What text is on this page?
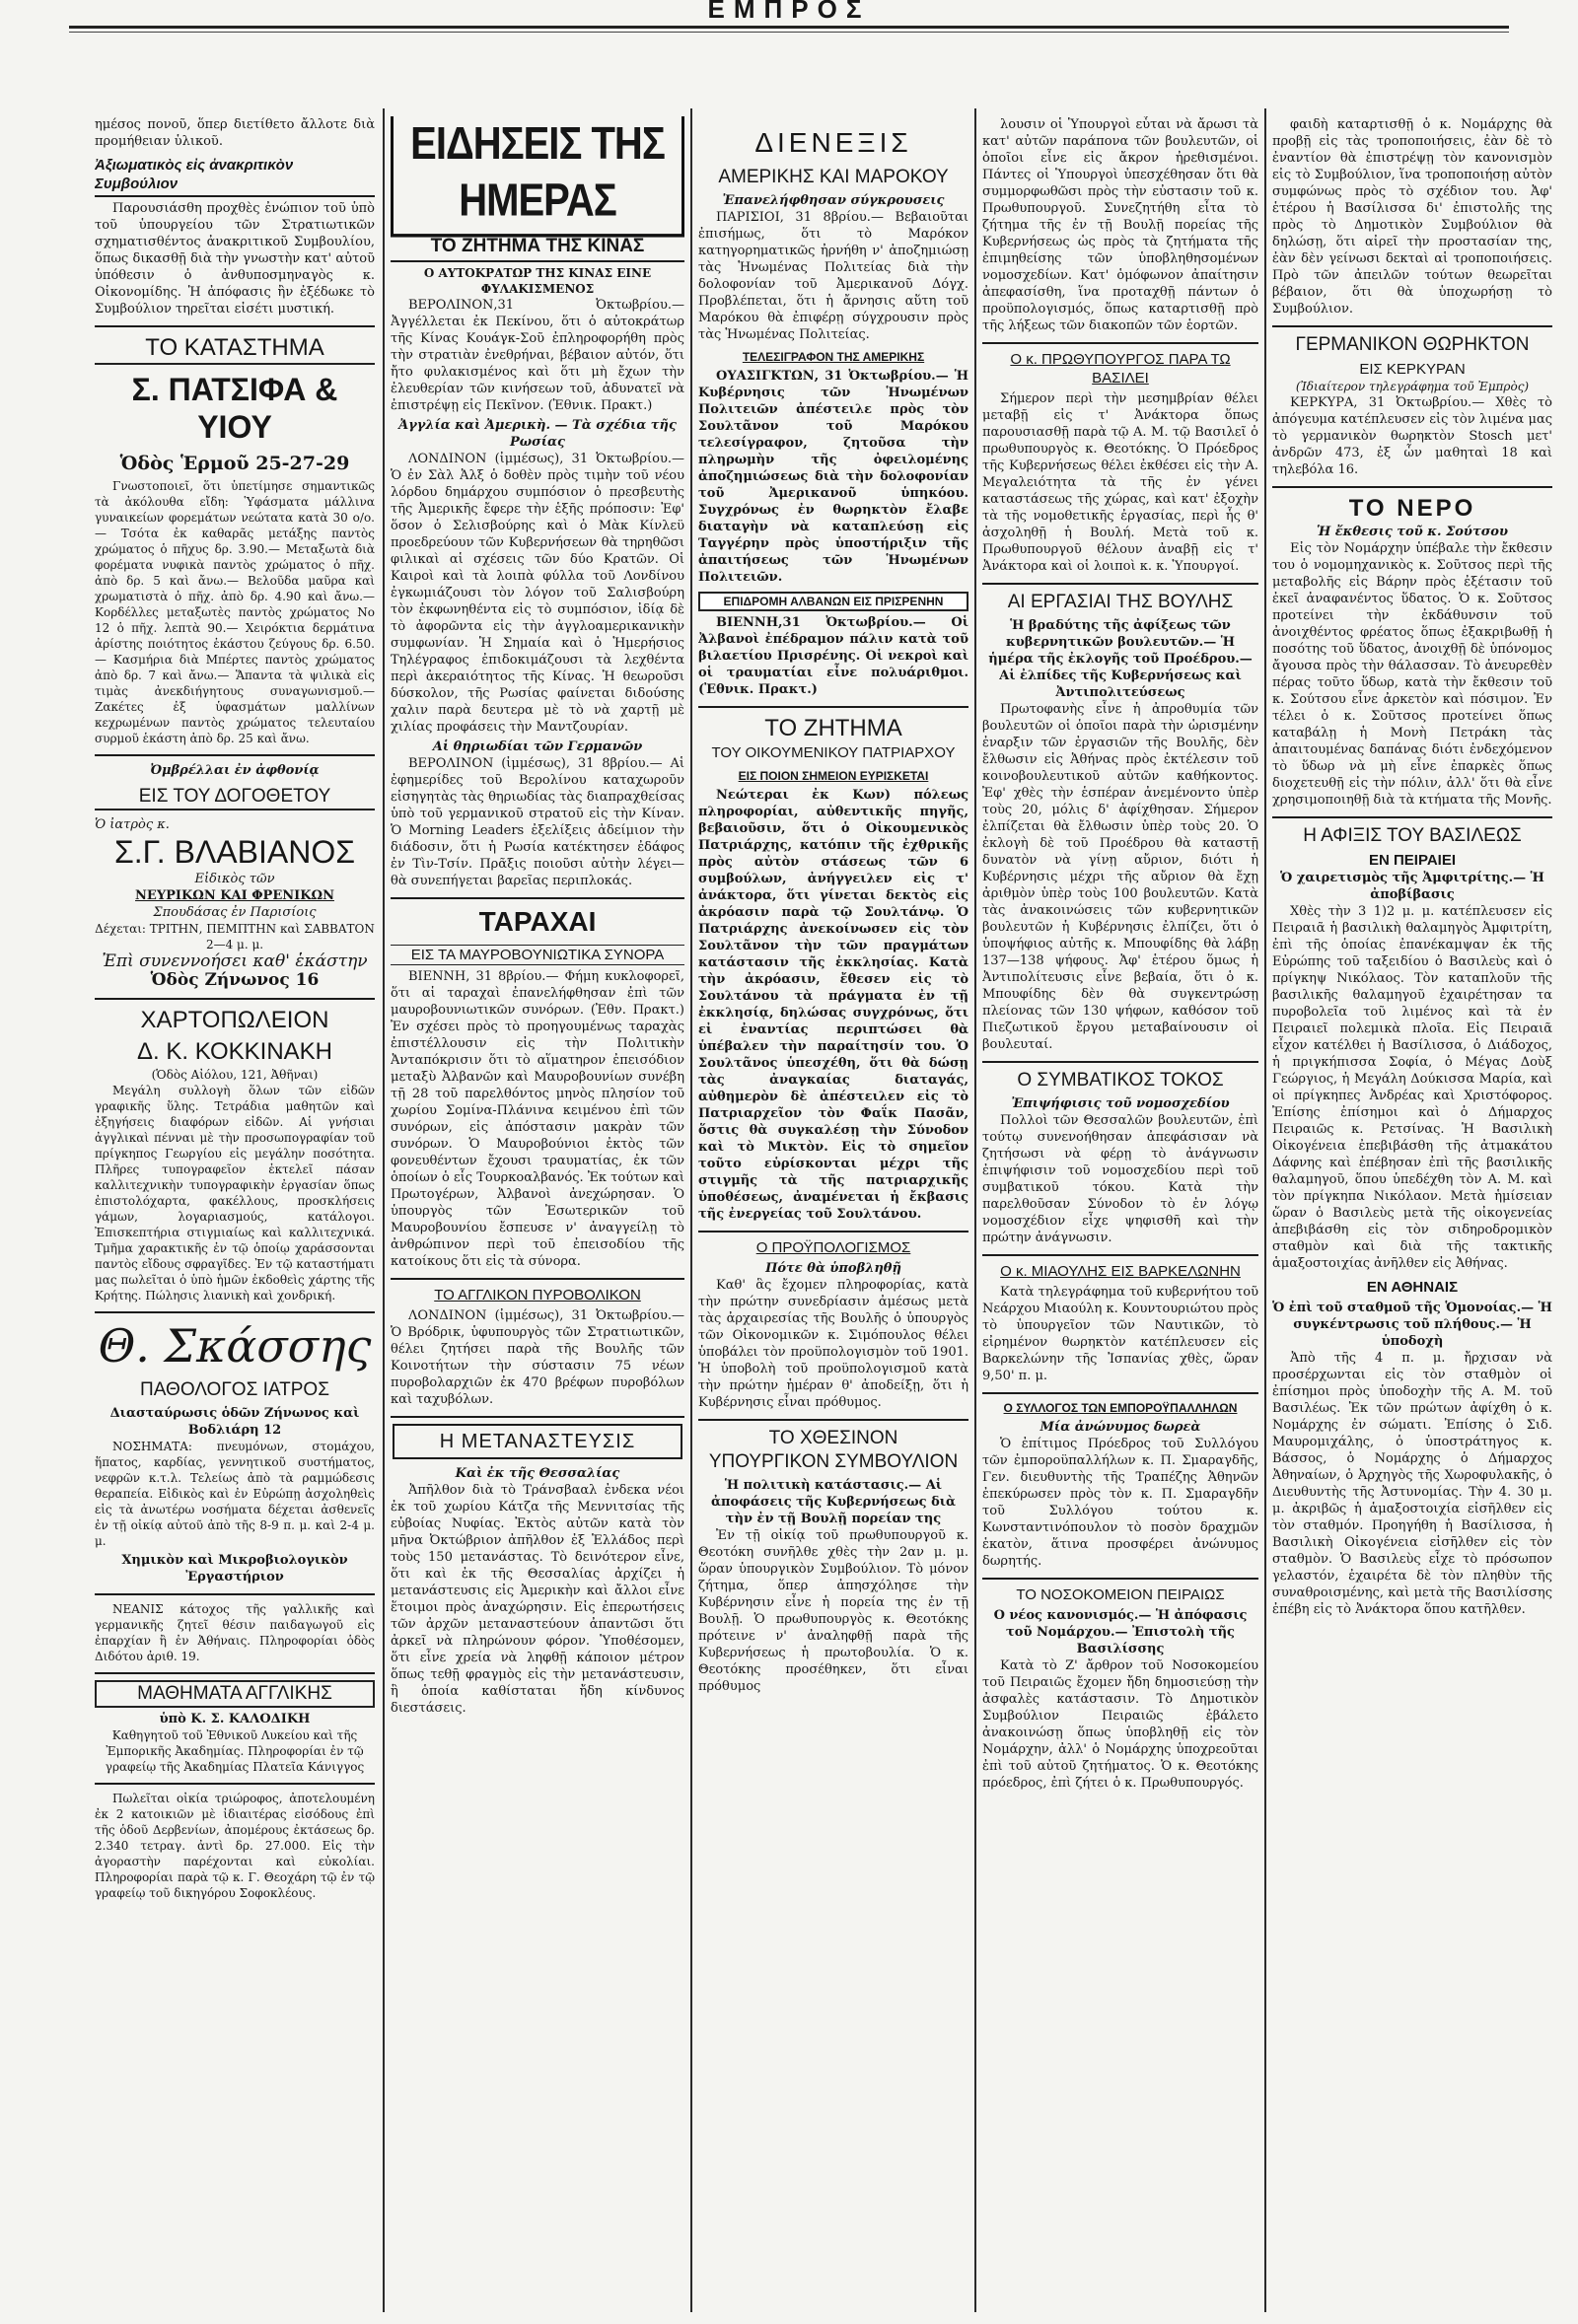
ΕΜΠΡΟΣ

ημέσος πονοῦ, ὅπερ διετίθετο ἄλλοτε διὰ προμήθειαν ὑλικοῦ.

Ἀξιωματικὸς εἰς ἀνακριτικὸν Συμβούλιον

Παρουσιάσθη προχθὲς ἐνώπιον τοῦ ὑπὸ τοῦ ὑπουργείου τῶν Στρατιωτικῶν σχηματισθέντος ἀνακριτικοῦ Συμβουλίου, ὅπως δικασθῇ διὰ τὴν γνωστὴν κατ' αὐτοῦ ὑπόθεσιν ὁ ἀνθυποσμηναγὸς κ. Οἰκονομίδης. Ἡ ἀπόφασις ἢν ἐξέδωκε τὸ Συμβούλιον τηρεῖται εἰσέτι μυστική.

ΤΟ ΚΑΤΑΣΤΗΜΑ
Σ. ΠΑΤΣΙΦΑ & ΥΙΟΥ
Ὁδὸς Ἑρμοῦ 25-27-29

Γνωστοποιεῖ, ὅτι ὑπετίμησε σημαντικῶς τὰ ἀκόλουθα εἴδη: Ὑφάσματα μάλλινα γυναικείων φορεμάτων νεώτατα κατὰ 30 ο/ο.— Τσότα ἐκ καθαρᾶς μετάξης παντὸς χρώματος ὁ πῆχυς δρ. 3.90.— Μεταξωτὰ διὰ φορέματα νυφικὰ παντὸς χρώματος ὁ πῆχ. ἀπὸ δρ. 5 καὶ ἄνω.— Βελοῦδα μαῦρα καὶ χρωματιστὰ ὁ πῆχ. ἀπὸ δρ. 4.90 καὶ ἄνω.— Κορδέλλες μεταξωτὲς παντὸς χρώματος No 12 ὁ πῆχ. λεπτὰ 90.— Χειρόκτια δερμάτινα ἀρίστης ποιότητος ἑκάστου ζεύγους δρ. 6.50.— Κασμήρια διὰ Μπέρτες παντὸς χρώματος ἀπὸ δρ. 7 καὶ ἄνω.— Ἅπαντα τὰ ψιλικὰ εἰς τιμὰς ἀνεκδιήγητους συναγωνισμοῦ.— Ζακέτες ἐξ ὑφασμάτων μαλλίνων κεχρωμένων παντὸς χρώματος τελευταίου συρμοῦ ἑκάστη ἀπὸ δρ. 25 καὶ ἄνω.

Ὀμβρέλλαι ἐν ἀφθονίᾳ
ΕΙΣ ΤΟΥ ΔΟΓΟΘΕΤΟΥ
Ὁ ἰατρὸς κ.
Σ.Γ. ΒΛΑΒΙΑΝΟΣ
Εἰδικὸς τῶν
ΝΕΥΡΙΚΩΝ ΚΑΙ ΦΡΕΝΙΚΩΝ
Σπουδάσας ἐν Παρισίοις
Δέχεται: ΤΡΙΤΗΝ, ΠΕΜΠΤΗΝ καὶ ΣΑΒΒΑΤΟΝ 2—4 μ. μ.
Ἐπὶ συνεννοήσει καθ' ἑκάστην
Ὁδὸς Ζήνωνος 16
ΧΑΡΤΟΠΩΛΕΙΟΝ
Δ. Κ. ΚΟΚΚΙΝΑΚΗ
(Ὁδὸς Αἰόλου, 121, Ἀθῆναι)

Μεγάλη συλλογὴ ὅλων τῶν εἰδῶν γραφικῆς ὕλης. Τετράδια μαθητῶν καὶ ἐξηγήσεις διαφόρων εἰδῶν. Αἱ γνήσιαι ἀγγλικαὶ πένναι μὲ τὴν προσωπογραφίαν τοῦ πρίγκηπος Γεωργίου εἰς μεγάλην ποσότητα. Πλῆρες τυπογραφεῖον ἐκτελεῖ πάσαν καλλιτεχνικὴν τυπογραφικὴν ἐργασίαν ὅπως ἐπιστολόχαρτα, φακέλλους, προσκλήσεις γάμων, λογαριασμούς, κατάλογοι. Ἐπισκεπτήρια στιγμιαίως καὶ καλλιτεχνικά. Τμῆμα χαρακτικῆς ἐν τῷ ὁποίῳ χαράσσονται παντὸς εἴδους σφραγῖδες. Ἐν τῷ καταστήματι μας πωλεῖται ὁ ὑπὸ ἡμῶν ἐκδοθεὶς χάρτης τῆς Κρήτης. Πώλησις λιανικὴ καὶ χονδρική.

Θ. Σκάσσης
ΠΑΘΟΛΟΓΟΣ ΙΑΤΡΟΣ
Διασταύρωσις ὁδῶν Ζήνωνος καὶ Βοδλιάρη 12

ΝΟΣΗΜΑΤΑ: πνευμόνων, στομάχου, ἥπατος, καρδίας, γεννητικοῦ συστήματος, νεφρῶν κ.τ.λ. Τελείως ἀπὸ τὰ ραμμώδεσις θεραπεία. Εἰδικὸς καὶ ἐν Εὐρώπῃ ἀσχοληθεὶς εἰς τὰ ἀνωτέρω νοσήματα δέχεται ἀσθενεῖς ἐν τῇ οἰκίᾳ αὐτοῦ ἀπὸ τῆς 8-9 π. μ. καὶ 2-4 μ. μ.

Χημικὸν καὶ Μικροβιολογικὸν Ἐργαστήριον

ΝΕΑΝΙΣ κάτοχος τῆς γαλλικῆς καὶ γερμανικῆς ζητεῖ θέσιν παιδαγωγοῦ εἰς ἐπαρχίαν ἢ ἐν Ἀθήναις. Πληροφορίαι ὁδὸς Διδότου ἀριθ. 19.

ΜΑΘΗΜΑΤΑ ΑΓΓΛΙΚΗΣ
ὑπὸ Κ. Σ. ΚΑΛΟΔΙΚΗ

Καθηγητοῦ τοῦ Ἐθνικοῦ Λυκείου καὶ τῆς Ἐμπορικῆς Ἀκαδημίας. Πληροφορίαι ἐν τῷ γραφείῳ τῆς Ἀκαδημίας Πλατεῖα Κάνιγγος

Πωλεῖται οἰκία τριώροφος, ἀποτελουμένη ἐκ 2 κατοικιῶν μὲ ἰδιαιτέρας εἰσόδους ἐπὶ τῆς ὁδοῦ Δερβενίων, ἀπομέρους ἐκτάσεως δρ. 2.340 τετραγ. ἀντὶ δρ. 27.000. Εἰς τὴν ἀγοραστὴν παρέχονται καὶ εὐκολίαι. Πληροφορίαι παρὰ τῷ κ. Γ. Θεοχάρη τῷ ἐν τῷ γραφείῳ τοῦ δικηγόρου Σοφοκλέους.

ΕΙΔΗΣΕΙΣ ΤΗΣ ΗΜΕΡΑΣ
ΤΟ ΖΗΤΗΜΑ ΤΗΣ ΚΙΝΑΣ
Ο ΑΥΤΟΚΡΑΤΩΡ ΤΗΣ ΚΙΝΑΣ ΕΙΝΕ ΦΥΛΑΚΙΣΜΕΝΟΣ

ΒΕΡΟΛΙΝΟΝ,31 Ὀκτωβρίου.— Ἀγγέλλεται ἐκ Πεκίνου, ὅτι ὁ αὐτοκράτωρ τῆς Κίνας Κουάγκ-Σοῦ ἐπληροφορήθη πρὸς τὴν στρατιὰν ἐνεθρήναι, βέβαιον αὐτόν, ὅτι ἤτο φυλακισμένος καὶ ὅτι μὴ ἔχων τὴν ἐλευθερίαν τῶν κινήσεων τοῦ, ἀδυνατεῖ νὰ ἐπιστρέψῃ εἰς Πεκῖνον. (Ἐθνικ. Πρακτ.)

Ἀγγλία καὶ Ἀμερικὴ. — Τὰ σχέδια τῆς Ρωσίας

ΛΟΝΔΙΝΟΝ (ἰμμέσως), 31 Ὀκτωβρίου.— Ὁ ἐν Σὰλ Ἀλξ ὁ δοθὲν πρὸς τιμὴν τοῦ νέου λόρδου δημάρχου συμπόσιον ὁ πρεσβευτὴς τῆς Ἀμερικῆς ἔφερε τὴν ἑξῆς πρόποσιν: Ἐφ' ὅσον ὁ Σελισβούρης καὶ ὁ Μὰκ Κίνλεϋ προεδρεύουν τῶν Κυβερνήσεων θὰ τηρηθῶσι φιλικαὶ αἱ σχέσεις τῶν δύο Κρατῶν. Οἱ Καιροὶ καὶ τὰ λοιπὰ φύλλα τοῦ Λονδίνου ἐγκωμιάζουσι τὸν λόγον τοῦ Σαλισβούρη τὸν ἐκφωνηθέντα εἰς τὸ συμπόσιον, ἰδίᾳ δὲ τὸ ἀφορῶντα εἰς τὴν ἀγγλοαμερικανικὴν συμφωνίαν. Ἡ Σημαία καὶ ὁ Ἡμερήσιος Τηλέγραφος ἐπιδοκιμάζουσι τὰ λεχθέντα περὶ ἀκεραιότητος τῆς Κίνας. Ἡ θεωροῦσι δύσκολον, τῆς Ρωσίας φαίνεται διδούσης χαλιν παρὰ δευτερα μὲ τὸ νὰ χαρτῇ μὲ χιλίας προφάσεις τὴν Μαντζουρίαν.

Αἱ θηριωδίαι τῶν Γερμανῶν

ΒΕΡΟΛΙΝΟΝ (ἰμμέσως), 31 8βρίου.— Αἱ ἐφημερίδες τοῦ Βερολίνου καταχωροῦν εἰσηγητὰς τὰς θηριωδίας τὰς διαπραχθείσας ὑπὸ τοῦ γερμανικοῦ στρατοῦ εἰς τὴν Κίναν. Ὁ Morning Leaders ἐξελίξεις ἀδείμιον τὴν διάδοσιν, ὅτι ἡ Ρωσία κατέκτησεν ἐδάφος ἐν Τὶν-Τσίν. Πρᾶξις ποιοῦσι αὐτὴν λέγει—θὰ συνεπήγεται βαρεῖας περιπλοκάς.

ΤΑΡΑΧΑΙ
ΕΙΣ ΤΑ ΜΑΥΡΟΒΟΥΝΙΩΤΙΚΑ ΣΥΝΟΡΑ

ΒΙΕΝΝΗ, 31 8βρίου.— Φήμη κυκλοφορεῖ, ὅτι αἱ ταραχαὶ ἐπανελήφθησαν ἐπὶ τῶν μαυροβουνιωτικῶν συνόρων. (Ἐθν. Πρακτ.) Ἐν σχέσει πρὸς τὸ προηγουμένως ταραχὰς ἐπιστέλλουσιν εἰς τὴν Πολιτικὴν Ἀνταπόκρισιν ὅτι τὸ αἵματηρον ἐπεισόδιον μεταξὺ Ἀλβανῶν καὶ Μαυροβουνίων συνέβη τῇ 28 τοῦ παρελθόντος μηνὸς πλησίον τοῦ χωρίου Σομίνα-Πλάνινα κειμένου ἐπὶ τῶν συνόρων, εἰς ἀπόστασιν μακρὰν τῶν συνόρων. Ὁ Μαυροβούνιοι ἐκτὸς τῶν φονευθέντων ἔχουσι τραυματίας, ἐκ τῶν ὁποίων ὁ εἷς Τουρκοαλβανός. Ἐκ τούτων καὶ Πρωτογέρων, Ἀλβανοὶ ἀνεχώρησαν. Ὁ ὑπουργὸς τῶν Ἐσωτερικῶν τοῦ Μαυροβουνίου ἔσπευσε ν' ἀναγγείλῃ τὸ ἀνθρώπινον περὶ τοῦ ἐπεισοδίου τῆς κατοίκους ὅτι εἰς τὰ σύνορα.

ΤΟ ΑΓΓΛΙΚΟΝ ΠΥΡΟΒΟΛΙΚΟΝ

ΛΟΝΔΙΝΟΝ (ἰμμέσως), 31 Ὀκτωβρίου.— Ὁ Βρόδρικ, ὑφυπουργὸς τῶν Στρατιωτικῶν, θέλει ζητήσει παρὰ τῆς Βουλῆς τῶν Κοινοτήτων τὴν σύστασιν 75 νέων πυροβολαρχιῶν ἐκ 470 βρέφων πυροβόλων καὶ ταχυβόλων.

Η ΜΕΤΑΝΑΣΤΕΥΣΙΣ
Καὶ ἐκ τῆς Θεσσαλίας

Ἀπῆλθον διὰ τὸ Τράνσβααλ ἐνδεκα νέοι ἐκ τοῦ χωρίου Κάτζα τῆς Μεννιτσίας τῆς εὐβοίας Νυφίας. Ἐκτὸς αὐτῶν κατὰ τὸν μῆνα Ὀκτώβριον ἀπῆλθον ἐξ Ἑλλάδος περὶ τοὺς 150 μετανάστας. Τὸ δεινότερον εἶνε, ὅτι καὶ ἐκ τῆς Θεσσαλίας ἀρχίζει ἡ μετανάστευσις εἰς Ἀμερικὴν καὶ ἄλλοι εἶνε ἕτοιμοι πρὸς ἀναχώρησιν. Εἰς ἐπερωτήσεις τῶν ἀρχῶν μεταναστεύουν ἀπαντῶσι ὅτι ἀρκεῖ νὰ πληρώνουν φόρον. Ὑποθέσομεν, ὅτι εἶνε χρεία νὰ ληφθῇ κάποιον μέτρον ὅπως τεθῇ φραγμὸς εἰς τὴν μετανάστευσιν, ἣ ὁποία καθίσταται ἤδη κίνδυνος διεστάσεις.

ΔΙΕΝΕΞΙΣ
ΑΜΕΡΙΚΗΣ ΚΑΙ ΜΑΡΟΚΟΥ
Ἐπανελήφθησαν σύγκρουσεις

ΠΑΡΙΣΙΟΙ, 31 8βρίου.— Βεβαιοῦται ἐπισήμως, ὅτι τὸ Μαρόκον κατηγορηματικῶς ἠρνήθη ν' ἀποζημιώσῃ τὰς Ἡνωμένας Πολιτείας διὰ τὴν δολοφονίαν τοῦ Ἀμερικανοῦ Δόγχ. Προβλέπεται, ὅτι ἡ ἄρνησις αὕτη τοῦ Μαρόκου θὰ ἐπιφέρῃ σύγχρουσιν πρὸς τὰς Ἡνωμένας Πολιτείας.

ΤΕΛΕΣΙΓΡΑΦΟΝ ΤΗΣ ΑΜΕΡΙΚΗΣ

ΟΥΑΣΙΓΚΤΩΝ, 31 Ὀκτωβρίου.— Ἡ Κυβέρνησις τῶν Ἡνωμένων Πολιτειῶν ἀπέστειλε πρὸς τὸν Σουλτᾶνον τοῦ Μαρόκου τελεσίγραφον, ζητοῦσα τὴν πληρωμὴν τῆς ὀφειλομένης ἀποζημιώσεως διὰ τὴν δολοφονίαν τοῦ Ἀμερικανοῦ ὑπηκόου. Συγχρόνως ἐν θωρηκτὸν ἔλαβε διαταγὴν νὰ καταπλεύσῃ εἰς Ταγγέρην πρὸς ὑποστήριξιν τῆς ἀπαιτήσεως τῶν Ἡνωμένων Πολιτειῶν.

ΕΠΙΔΡΟΜΗ ΑΛΒΑΝΩΝ ΕΙΣ ΠΡΙΣΡΕΝΗΝ

ΒΙΕΝΝΗ,31 Ὀκτωβρίου.— Οἱ Ἀλβανοὶ ἐπέδραμον πάλιν κατὰ τοῦ βιλαετίου Πρισρένης. Οἱ νεκροὶ καὶ οἱ τραυματίαι εἶνε πολυάριθμοι. (Ἐθνικ. Πρακτ.)

ΤΟ ΖΗΤΗΜΑ
ΤΟΥ ΟΙΚΟΥΜΕΝΙΚΟΥ ΠΑΤΡΙΑΡΧΟΥ
ΕΙΣ ΠΟΙΟΝ ΣΗΜΕΙΟΝ ΕΥΡΙΣΚΕΤΑΙ

Νεώτεραι ἐκ Κων) πόλεως πληροφορίαι, αὐθεντικῆς πηγῆς, βεβαιοῦσιν, ὅτι ὁ Οἰκουμενικὸς Πατριάρχης, κατόπιν τῆς ἐχθρικῆς πρὸς αὐτὸν στάσεως τῶν 6 συμβούλων, ἀνήγγειλεν εἰς τ' ἀνάκτορα, ὅτι γίνεται δεκτὸς εἰς ἀκρόασιν παρὰ τῷ Σουλτάνῳ. Ὁ Πατριάρχης ἀνεκοίνωσεν εἰς τὸν Σουλτᾶνον τὴν τῶν πραγμάτων κατάστασιν τῆς ἐκκλησίας. Κατὰ τὴν ἀκρόασιν, ἔθεσεν εἰς τὸ Σουλτάνου τὰ πράγματα ἐν τῇ ἐκκλησίᾳ, δηλώσας συγχρόνως, ὅτι εἰ ἐναντίας περιπτώσει θὰ ὑπέβαλεν τὴν παραίτησίν του. Ὁ Σουλτᾶνος ὑπεσχέθη, ὅτι θὰ δώσῃ τὰς ἀναγκαίας διαταγάς, αὐθημερὸν δὲ ἀπέστειλεν εἰς τὸ Πατριαρχεῖον τὸν Φαΐκ Πασᾶν, ὅστις θὰ συγκαλέσῃ τὴν Σύνοδον καὶ τὸ Μικτὸν. Εἰς τὸ σημεῖον τοῦτο εὑρίσκονται μέχρι τῆς στιγμῆς τὰ τῆς πατριαρχικῆς ὑποθέσεως, ἀναμένεται ἡ ἔκβασις τῆς ἐνεργείας τοῦ Σουλτάνου.

Ο ΠΡΟΫΠΟΛΟΓΙΣΜΟΣ
Πότε θὰ ὑποβληθῇ

Καθ' ἃς ἔχομεν πληροφορίας, κατὰ τὴν πρώτην συνεδρίασιν ἀμέσως μετὰ τὰς ἀρχαιρεσίας τῆς Βουλῆς ὁ ὑπουργὸς τῶν Οἰκονομικῶν κ. Σιμόπουλος θέλει ὑποβάλει τὸν προϋπολογισμὸν τοῦ 1901. Ἡ ὑποβολὴ τοῦ προϋπολογισμοῦ κατὰ τὴν πρώτην ἡμέραν θ' ἀποδείξῃ, ὅτι ἡ Κυβέρνησις εἶναι πρόθυμος.

ΤΟ ΧΘΕΣΙΝΟΝ
ΥΠΟΥΡΓΙΚΟΝ ΣΥΜΒΟΥΛΙΟΝ
Ἡ πολιτικὴ κατάστασις.— Αἱ ἀποφάσεις τῆς Κυβερνήσεως διὰ τὴν ἐν τῇ Βουλῇ πορείαν της

Ἐν τῇ οἰκίᾳ τοῦ πρωθυπουργοῦ κ. Θεοτόκη συνῆλθε χθὲς τὴν 2αν μ. μ. ὥραν ὑπουργικὸν Συμβούλιον. Τὸ μόνον ζήτημα, ὅπερ ἀπησχόλησε τὴν Κυβέρνησιν εἶνε ἡ πορεία της ἐν τῇ Βουλῇ. Ὁ πρωθυπουργὸς κ. Θεοτόκης πρότεινε ν' ἀναληφθῇ παρὰ τῆς Κυβερνήσεως ἡ πρωτοβουλία. Ὁ κ. Θεοτόκης προσέθηκεν, ὅτι εἶναι πρόθυμος

λουσιν οἱ Ὑπουργοὶ εὗται νὰ ἄρωσι τὰ κατ' αὐτῶν παράπονα τῶν βουλευτῶν, οἱ ὁποῖοι εἶνε εἰς ἄκρον ἠρεθισμένοι. Πάντες οἱ Ὑπουργοὶ ὑπεσχέθησαν ὅτι θὰ συμμορφωθῶσι πρὸς τὴν εὐστασιν τοῦ κ. Πρωθυπουργοῦ. Συνεζητήθη εἶτα τὸ ζήτημα τῆς ἐν τῇ Βουλῇ πορείας τῆς Κυβερνήσεως ὡς πρὸς τὰ ζητήματα τῆς ἐπιμηθείσης τῶν ὑποβληθησομένων νομοσχεδίων. Κατ' ὁμόφωνον ἀπαίτησιν ἀπεφασίσθη, ἵνα προταχθῇ πάντων ὁ προϋπολογισμός, ὅπως καταρτισθῇ πρὸ τῆς λήξεως τῶν διακοπῶν τῶν ἑορτῶν.

Ο κ. ΠΡΩΘΥΠΟΥΡΓΟΣ ΠΑΡΑ ΤΩ ΒΑΣΙΛΕΙ

Σήμερον περὶ τὴν μεσημβρίαν θέλει μεταβῇ εἰς τ' Ἀνάκτορα ὅπως παρουσιασθῇ παρὰ τῷ Α. Μ. τῷ Βασιλεῖ ὁ πρωθυπουργὸς κ. Θεοτόκης. Ὁ Πρόεδρος τῆς Κυβερνήσεως θέλει ἐκθέσει εἰς τὴν Α. Μεγαλειότητα τὰ τῆς ἐν γένει καταστάσεως τῆς χώρας, καὶ κατ' ἐξοχὴν τὰ τῆς νομοθετικῆς ἐργασίας, περὶ ἧς θ' ἀσχοληθῇ ἡ Βουλή. Μετὰ τοῦ κ. Πρωθυπουργοῦ θέλουν ἀναβῇ εἰς τ' Ἀνάκτορα καὶ οἱ λοιποὶ κ. κ. Ὑπουργοί.

ΑΙ ΕΡΓΑΣΙΑΙ ΤΗΣ ΒΟΥΛΗΣ
Ἡ βραδύτης τῆς ἀφίξεως τῶν κυβερνητικῶν βουλευτῶν.— Ἡ ἡμέρα τῆς ἐκλογῆς τοῦ Προέδρου.— Αἱ ἐλπίδες τῆς Κυβερνήσεως καὶ Ἀντιπολιτεύσεως

Πρωτοφανὴς εἶνε ἡ ἀπροθυμία τῶν βουλευτῶν οἱ ὁποῖοι παρὰ τὴν ὡρισμένην ἐναρξιν τῶν ἐργασιῶν τῆς Βουλῆς, δὲν ἔλθωσιν εἰς Ἀθήνας πρὸς ἐκτέλεσιν τοῦ κοινοβουλευτικοῦ αὐτῶν καθήκοντος. Ἐφ' χθὲς τὴν ἑσπέραν ἀνεμένοντο ὑπὲρ τοὺς 20, μόλις δ' ἀφίχθησαν. Σήμερον ἐλπίζεται θὰ ἔλθωσιν ὑπὲρ τοὺς 20. Ὁ ἐκλογὴ δὲ τοῦ Προέδρου θὰ καταστῇ δυνατὸν νὰ γίνῃ αὔριον, διότι ἡ Κυβέρνησις μέχρι τῆς αὔριον θὰ ἔχῃ ἀριθμὸν ὑπὲρ τοὺς 100 βουλευτῶν. Κατὰ τὰς ἀνακοινώσεις τῶν κυβερνητικῶν βουλευτῶν ἡ Κυβέρνησις ἐλπίζει, ὅτι ὁ ὑποψήφιος αὐτῆς κ. Μπουφίδης θὰ λάβῃ 137—138 ψήφους. Ἀφ' ἑτέρου ὅμως ἡ Ἀντιπολίτευσις εἶνε βεβαία, ὅτι ὁ κ. Μπουφίδης δὲν θὰ συγκεντρώσῃ πλείονας τῶν 130 ψήφων, καθόσον τοῦ Πιεζωτικοῦ ἔργου μεταβαίνουσιν οἱ βουλευταί.

Ο ΣΥΜΒΑΤΙΚΟΣ ΤΟΚΟΣ
Ἐπιψήφισις τοῦ νομοσχεδίου

Πολλοὶ τῶν Θεσσαλῶν βουλευτῶν, ἐπὶ τούτῳ συνενοήθησαν ἀπεφάσισαν νὰ ζητήσωσι νὰ φέρῃ τὸ ἀνάγνωσιν ἐπιψήφισιν τοῦ νομοσχεδίου περὶ τοῦ συμβατικοῦ τόκου. Κατὰ τὴν παρελθοῦσαν Σύνοδον τὸ ἐν λόγῳ νομοσχέδιον εἶχε ψηφισθῆ καὶ τὴν πρώτην ἀνάγνωσιν.

Ο κ. ΜΙΑΟΥΛΗΣ ΕΙΣ ΒΑΡΚΕΛΩΝΗΝ

Κατὰ τηλεγράφημα τοῦ κυβερνήτου τοῦ Νεάρχου Μιαούλη κ. Κουντουριώτου πρὸς τὸ ὑπουργεῖον τῶν Ναυτικῶν, τὸ εἰρημένον θωρηκτὸν κατέπλευσεν εἰς Βαρκελώνην τῆς Ἰσπανίας χθὲς, ὥραν 9,50' π. μ.

Ο ΣΥΛΛΟΓΟΣ ΤΩΝ ΕΜΠΟΡΟΫΠΑΛΛΗΛΩΝ
Μία ἀνώνυμος δωρεὰ

Ὁ ἐπίτιμος Πρόεδρος τοῦ Συλλόγου τῶν ἐμποροϋπαλλήλων κ. Π. Σμαραγδῆς, Γεν. διευθυντὴς τῆς Τραπέζης Ἀθηνῶν ἐπεκύρωσεν πρὸς τὸν κ. Π. Σμαραγδῆν τοῦ Συλλόγου τούτου κ. Κωνσταντινόπουλον τὸ ποσὸν δραχμῶν ἑκατὸν, ἅτινα προσφέρει ἀνώνυμος δωρητής.

ΤΟ ΝΟΣΟΚΟΜΕΙΟΝ ΠΕΙΡΑΙΩΣ
Ο νέος κανονισμός.— Ἡ ἀπόφασις τοῦ Νομάρχου.— Ἐπιστολὴ τῆς Βασιλίσσης

Κατὰ τὸ Ζ' ἄρθρον τοῦ Νοσοκομείου τοῦ Πειραιῶς ἔχομεν ἤδη δημοσιεύσῃ τὴν ἀσφαλὲς κατάστασιν. Τὸ Δημοτικὸν Συμβούλιον Πειραιῶς ἐβάλετο ἀνακοινώσῃ ὅπως ὑποβληθῇ εἰς τὸν Νομάρχην, ἀλλ' ὁ Νομάρχης ὑποχρεοῦται ἐπὶ τοῦ αὐτοῦ ζητήματος. Ὁ κ. Θεοτόκης πρόεδρος, ἐπὶ ζήτει ὁ κ. Πρωθυπουργός.

φαιδὴ καταρτισθῇ ὁ κ. Νομάρχης θὰ προβῇ εἰς τὰς τροποποιήσεις, ἐὰν δὲ τὸ ἐναντίον θὰ ἐπιστρέψῃ τὸν κανονισμὸν εἰς τὸ Συμβούλιον, ἵνα τροποποιήσῃ αὐτὸν συμφώνως πρὸς τὸ σχέδιον του. Ἀφ' ἑτέρου ἡ Βασίλισσα δι' ἐπιστολῆς της πρὸς τὸ Δημοτικὸν Συμβούλιον θὰ δηλώσῃ, ὅτι αἰρεῖ τὴν προστασίαν της, ἐὰν δὲν γείνωσι δεκταὶ αἱ τροποποιήσεις. Πρὸ τῶν ἀπειλῶν τούτων θεωρεῖται βέβαιον, ὅτι θὰ ὑποχωρήσῃ τὸ Συμβούλιον.

ΓΕΡΜΑΝΙΚΟΝ ΘΩΡΗΚΤΟΝ
ΕΙΣ ΚΕΡΚΥΡΑΝ
(Ἰδιαίτερον τηλεγράφημα τοῦ Ἐμπρὸς)

ΚΕΡΚΥΡΑ, 31 Ὀκτωβρίου.— Χθὲς τὸ ἀπόγευμα κατέπλευσεν εἰς τὸν λιμένα μας τὸ γερμανικὸν θωρηκτὸν Stosch μετ' ἀνδρῶν 473, ἐξ ὧν μαθηταὶ 18 καὶ τηλεβόλα 16.

ΤΟ ΝΕΡΟ
Ἡ ἔκθεσις τοῦ κ. Σούτσου

Εἰς τὸν Νομάρχην ὑπέβαλε τὴν ἔκθεσιν του ὁ νομομηχανικὸς κ. Σοῦτσος περὶ τῆς μεταβολῆς εἰς Βάρην πρὸς ἐξέτασιν τοῦ ἐκεῖ ἀναφανέντος ὕδατος. Ὁ κ. Σοῦτσος προτείνει τὴν ἐκδάθυνσιν τοῦ ἀνοιχθέντος φρέατος ὅπως ἐξακριβωθῇ ἡ ποσότης τοῦ ὕδατος, ἀνοιχθῇ δὲ ὑπόνομος ἄγουσα πρὸς τὴν θάλασσαν. Τὸ ἀνευρεθὲν πέρας τοῦτο ὕδωρ, κατὰ τὴν ἔκθεσιν τοῦ κ. Σούτσου εἶνε ἀρκετὸν καὶ πόσιμον. Ἐν τέλει ὁ κ. Σοῦτσος προτείνει ὅπως καταβάλῃ ἡ Μονὴ Πετράκη τὰς ἀπαιτουμένας δαπάνας διότι ἐνδεχόμενον τὸ ὕδωρ νὰ μὴ εἶνε ἐπαρκὲς ὅπως διοχετευθῇ εἰς τὴν πόλιν, ἀλλ' ὅτι θὰ εἶνε χρησιμοποιηθῇ διὰ τὰ κτήματα τῆς Μονῆς.

Η ΑΦΙΞΙΣ ΤΟΥ ΒΑΣΙΛΕΩΣ
ΕΝ ΠΕΙΡΑΙΕΙ
Ὁ χαιρετισμὸς τῆς Ἀμφιτρίτης.— Ἡ ἀποβίβασις

Χθὲς τὴν 3 1)2 μ. μ. κατέπλευσεν εἰς Πειραιᾶ ἡ βασιλικὴ θαλαμηγὸς Ἀμφιτρίτη, ἐπὶ τῆς ὁποίας ἐπανέκαμψαν ἐκ τῆς Εὐρώπης τοῦ ταξειδίου ὁ Βασιλεὺς καὶ ὁ πρίγκηψ Νικόλαος. Τὸν καταπλοῦν τῆς βασιλικῆς θαλαμηγοῦ ἐχαιρέτησαν τα πυροβολεῖα τοῦ λιμένος καὶ τὰ ἐν Πειραιεῖ πολεμικὰ πλοῖα. Εἰς Πειραιᾶ εἶχον κατέλθει ἡ Βασίλισσα, ὁ Διάδοχος, ἡ πριγκήπισσα Σοφία, ὁ Μέγας Δοὺξ Γεώργιος, ἡ Μεγάλη Δούκισσα Μαρία, καὶ οἱ πρίγκηπες Ἀνδρέας καὶ Χριστόφορος. Ἐπίσης ἐπίσημοι καὶ ὁ Δήμαρχος Πειραιῶς κ. Ρετσίνας. Ἡ Βασιλικὴ Οἰκογένεια ἐπεβιβάσθη τῆς ἀτμακάτου Δάφνης καὶ ἐπέβησαν ἐπὶ τῆς βασιλικῆς θαλαμηγοῦ, ὅπου ὑπεδέχθη τὸν Α. Μ. καὶ τὸν πρίγκηπα Νικόλαον. Μετὰ ἡμίσειαν ὥραν ὁ Βασιλεὺς μετὰ τῆς οἰκογενείας ἀπεβιβάσθη εἰς τὸν σιδηροδρομικὸν σταθμὸν καὶ διὰ τῆς τακτικῆς ἁμαξοστοιχίας ἀνῆλθεν εἰς Ἀθήνας.

ΕΝ ΑΘΗΝΑΙΣ
Ὁ ἐπὶ τοῦ σταθμοῦ τῆς Ὁμονοίας.— Ἡ συγκέντρωσις τοῦ πλήθους.— Ἡ ὑποδοχὴ

Ἀπὸ τῆς 4 π. μ. ἤρχισαν νὰ προσέρχωνται εἰς τὸν σταθμὸν οἱ ἐπίσημοι πρὸς ὑποδοχὴν τῆς Α. Μ. τοῦ Βασιλέως. Ἐκ τῶν πρώτων ἀφίχθη ὁ κ. Νομάρχης ἐν σώματι. Ἐπίσης ὁ Σιδ. Μαυρομιχάλης, ὁ ὑποστράτηγος κ. Βάσσος, ὁ Νομάρχης ὁ Δήμαρχος Ἀθηναίων, ὁ Ἀρχηγὸς τῆς Χωροφυλακῆς, ὁ Διευθυντὴς τῆς Ἀστυνομίας. Τὴν 4. 30 μ. μ. ἀκριβῶς ἡ ἁμαξοστοιχία εἰσῆλθεν εἰς τὸν σταθμόν. Προηγήθη ἡ Βασίλισσα, ἡ Βασιλικὴ Οἰκογένεια εἰσῆλθεν εἰς τὸν σταθμὸν. Ὁ Βασιλεὺς εἶχε τὸ πρόσωπον γελαστόν, ἐχαιρέτα δὲ τὸν πληθὺν τῆς συναθροισμένης, καὶ μετὰ τῆς Βασιλίσσης ἐπέβη εἰς τὸ Ἀνάκτορα ὅπου κατῆλθεν.
